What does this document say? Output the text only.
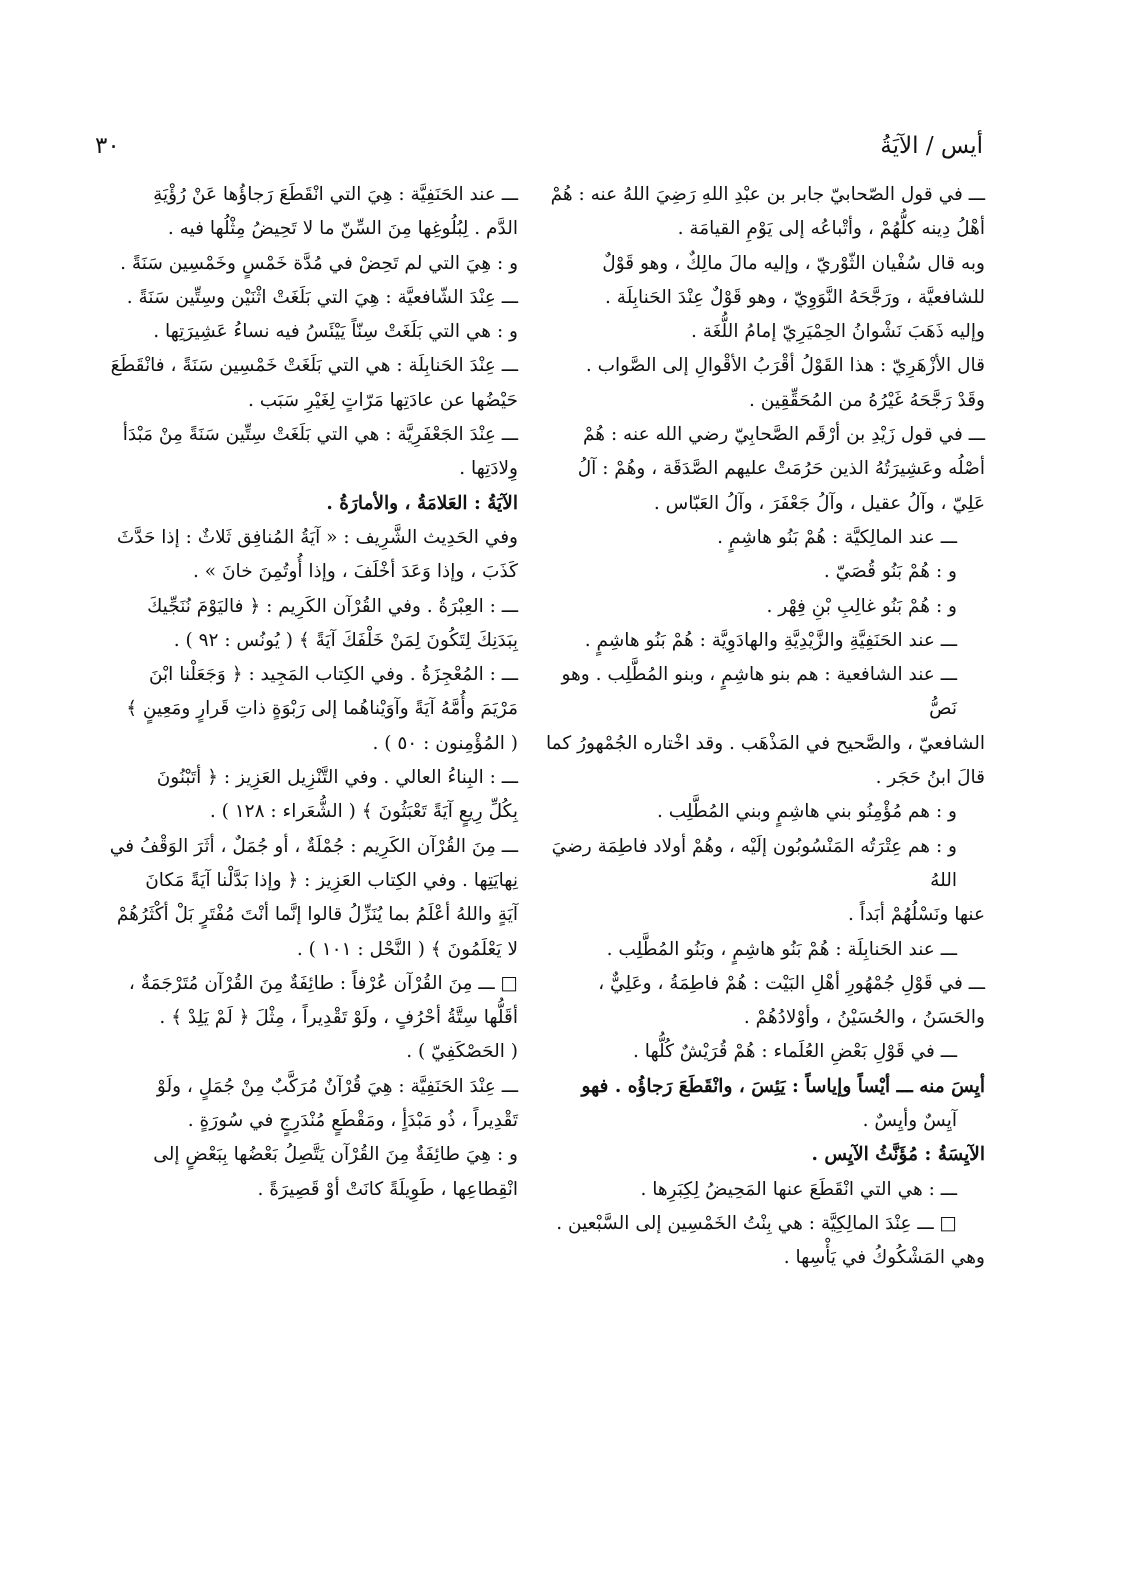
أيس / الآيَةُ
٣٠

ـــ في قول الصّحابيّ جابر بن عبْدِ اللهِ رَضِيَ اللهُ عنه : هُمْ

أهْلُ دِينه كلُّهُمْ ، وأتْباعُه إلى يَوْمِ القيامَة .

وبه قال سُفْيان الثّوْريّ ، وإليه مالَ مالِكٌ ، وهو قَوْلٌ

للشافعيَّة ، ورَجَّحَهُ النَّوَوِيّ ، وهو قَوْلٌ عِنْدَ الحَنابِلَة .

وإليه ذَهَبَ نَشْوانُ الحِمْيَرِيّ إمامُ اللُّغَة .

قال الأزْهَرِيّ : هذا القَوْلُ أقْرَبُ الأقْوالِ إلى الصَّواب .

وقَدْ رَجَّحَهُ غَيْرُهُ من المُحَقِّقِين .

ـــ في قول زَيْدِ بن أرْقَم الصَّحابِيّ رضي الله عنه : هُمْ

أصْلُه وعَشِيرَتُهُ الذين حَرُمَتْ عليهم الصَّدَقَة ، وهُمْ : آلُ

عَلِيّ ، وآلُ عقيل ، وآلُ جَعْفَرَ ، وآلُ العَبّاس .

ـــ عند المالِكيَّة : هُمْ بَنُو هاشِمٍ .

و : هُمْ بَنُو قُصَيّ .

و : هُمْ بَنُو غالِبِ بْنِ فِهْر .

ـــ عند الحَنَفِيَّةِ والزَّيْدِيَّةِ والهادَوِيَّة : هُمْ بَنُو هاشِمٍ .

ـــ عند الشافعية : هم بنو هاشِمٍ ، وبنو المُطَّلِب . وهو نَصُّ

الشافعيّ ، والصَّحيح في المَذْهَب . وقد اخْتاره الجُمْهورُ كما

قالَ ابنُ حَجَر .

و : هم مُؤْمِنُو بني هاشِمٍ وبني المُطَّلِب .

و : هم عِتْرَتُه المَنْسُوبُون إلَيْه ، وهُمْ أولاد فاطِمَة رضيَ اللهُ

عنها ونَسْلُهُمْ أبَداً .

ـــ عند الحَنابِلَة : هُمْ بَنُو هاشِمٍ ، وبَنُو المُطَّلِب .

ـــ في قَوْلِ جُمْهُورِ أهْلِ البَيْت : هُمْ فاطِمَةُ ، وعَلِيٌّ ،

والحَسَنُ ، والحُسَيْنُ ، وأوْلادُهُمْ .

ـــ في قَوْلِ بَعْضِ العُلَماء : هُمْ قُرَيْشٌ كُلُّها .

أيِسَ منه ـــ أيْساً وإياساً : يَئِسَ ، وانْقَطَعَ رَجاؤُه . فهو

آيِسٌ وأيِسٌ .

الآيِسَةُ : مُؤَنَّثُ الآيِس .

ـــ : هي التي انْقَطَعَ عنها المَحِيضُ لِكِبَرِها .

□ ـــ عِنْدَ المالِكِيَّة : هي بِنْتُ الخَمْسِين إلى السَّبْعين .

وهي المَشْكُوكُ في يَأْسِها .

ـــ عند الحَنَفِيَّة : هِيَ التي انْقَطَعَ رَجاؤُها عَنْ رُؤْيَةِ

الدَّم . لِبُلُوغِها مِنَ السِّنّ ما لا تَحِيضُ مِثْلُها فيه .

و : هِيَ التي لم تَحِضْ في مُدَّة خَمْسٍ وخَمْسِين سَنَةً .

ـــ عِنْدَ الشّافعيَّة : هِيَ التي بَلَغَتْ اثْنَيْن وسِتِّين سَنَةً .

و : هي التي بَلَغَتْ سِنّاً يَيْئَسُ فيه نساءُ عَشِيرَتِها .

ـــ عِنْدَ الحَنابِلَة : هي التي بَلَغَتْ خَمْسِين سَنَةً ، فانْقَطَعَ

حَيْضُها عن عادَتِها مَرّاتٍ لِغَيْرِ سَبَب .

ـــ عِنْدَ الجَعْفَرِيَّة : هي التي بَلَغَتْ سِتِّين سَنَةً مِنْ مَبْدَأ

وِلادَتِها .

الآيَةُ : العَلامَةُ ، والأمارَةُ .

وفي الحَدِيث الشَّرِيف : « آيَةُ المُنافِق ثَلاثٌ : إذا حَدَّثَ

كَذَبَ ، وإذا وَعَدَ أخْلَفَ ، وإذا أُوتُمِنَ خانَ » .

ـــ : العِبْرَةُ . وفي القُرْآن الكَرِيم : ﴿ فاليَوْمَ نُنَجِّيكَ

بِبَدَنِكَ لِتَكُونَ لِمَنْ خَلْفَكَ آيَةً ﴾ ( يُونُس : ٩٢ ) .

ـــ : المُعْجِزَةُ . وفي الكِتاب المَجِيد : ﴿ وَجَعَلْنا ابْنَ

مَرْيَمَ وأُمَّهُ آيَةً وآوَيْناهُما إلى رَبْوَةٍ ذاتِ قَرارٍ ومَعِينٍ ﴾

( المُؤْمِنون : ٥٠ ) .

ـــ : البِناءُ العالي . وفي التَّنْزِيل العَزِيز : ﴿ أتَبْنُونَ

بِكُلِّ رِيعٍ آيَةً تَعْبَثُونَ ﴾ ( الشُّعَراء : ١٢٨ ) .

ـــ مِنَ القُرْآن الكَرِيم : جُمْلَةٌ ، أو جُمَلٌ ، أثَرَ الوَقْفُ في

نِهايَتِها . وفي الكِتاب العَزِيز : ﴿ وإذا بَدَّلْنا آيَةً مَكانَ

آيَةٍ واللهُ أعْلَمُ بما يُنَزِّلُ قالوا إنَّما أنْتَ مُفْتَرٍ بَلْ أكْثَرُهُمْ

لا يَعْلَمُونَ ﴾ ( النَّحْل : ١٠١ ) .

□ ـــ مِنَ القُرْآن عُرْفاً : طائِفَةٌ مِنَ القُرْآن مُتَرْجَمَةٌ ،

أقَلُّها سِتَّةُ أحْرُفٍ ، ولَوْ تَقْدِيراً ، مِثْلَ ﴿ لَمْ يَلِدْ ﴾ .

( الحَصْكَفِيّ ) .

ـــ عِنْدَ الحَنَفِيَّة : هِيَ قُرْآنٌ مُرَكَّبٌ مِنْ جُمَلٍ ، ولَوْ

تَقْدِيراً ، ذُو مَبْدَأٍ ، ومَقْطَعٍ مُنْدَرِجٍ في سُورَةٍ .

و : هِيَ طائِفَةٌ مِنَ القُرْآن يَتَّصِلُ بَعْضُها بِبَعْضٍ إلى

انْقِطاعِها ، طَوِيلَةً كانَتْ أوْ قَصِيرَةً .
